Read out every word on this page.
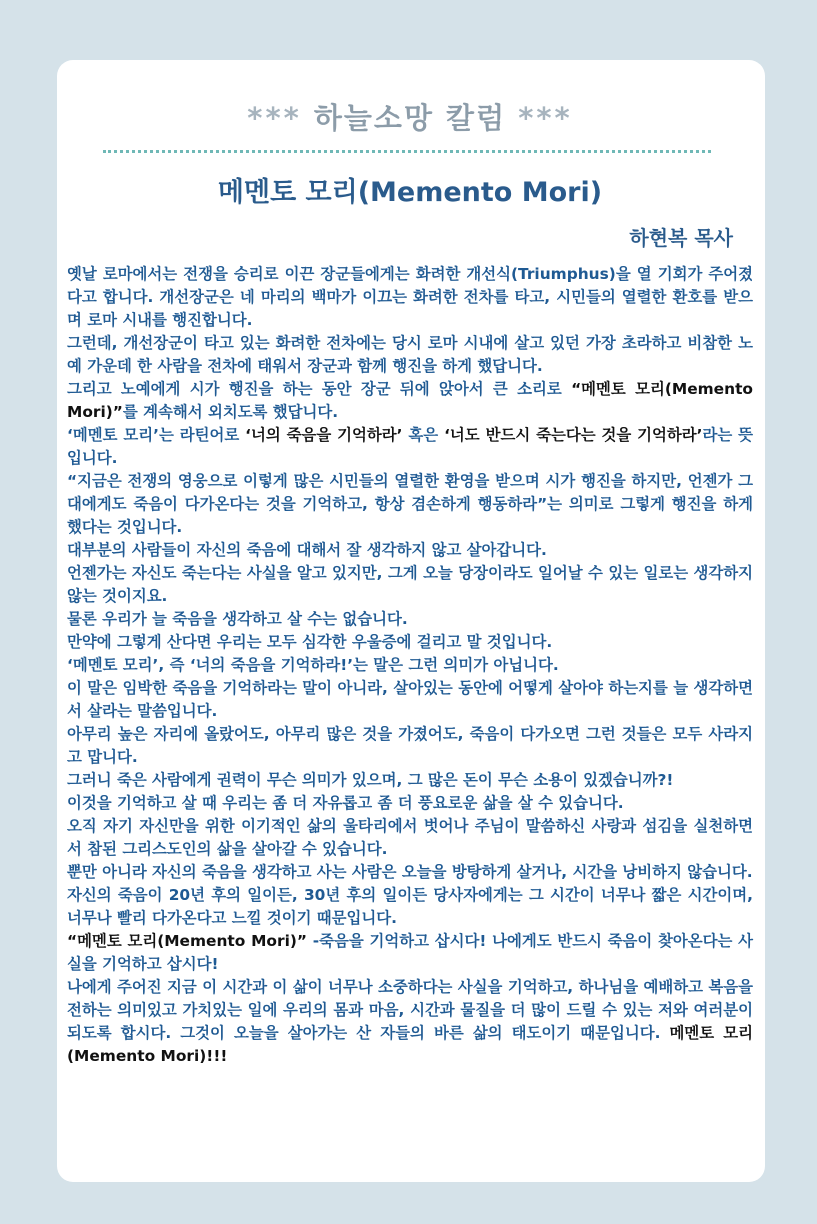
*** 하늘소망 칼럼 ***
메멘토 모리(Memento Mori)
하현복 목사

옛날 로마에서는 전쟁을 승리로 이끈 장군들에게는 화려한 개선식(Triumphus)을 열 기회가 주어졌다고 합니다. 개선장군은 네 마리의 백마가 이끄는 화려한 전차를 타고, 시민들의 열렬한 환호를 받으며 로마 시내를 행진합니다.

그런데, 개선장군이 타고 있는 화려한 전차에는 당시 로마 시내에 살고 있던 가장 초라하고 비참한 노예 가운데 한 사람을 전차에 태워서 장군과 함께 행진을 하게 했답니다.

그리고 노예에게 시가 행진을 하는 동안 장군 뒤에 앉아서 큰 소리로 “메멘토 모리(Memento Mori)”를 계속해서 외치도록 했답니다.

‘메멘토 모리’는 라틴어로 ‘너의 죽음을 기억하라’ 혹은 ‘너도 반드시 죽는다는 것을 기억하라’라는 뜻입니다.

“지금은 전쟁의 영웅으로 이렇게 많은 시민들의 열렬한 환영을 받으며 시가 행진을 하지만, 언젠가 그대에게도 죽음이 다가온다는 것을 기억하고, 항상 겸손하게 행동하라”는 의미로 그렇게 행진을 하게 했다는 것입니다.

대부분의 사람들이 자신의 죽음에 대해서 잘 생각하지 않고 살아갑니다.

언젠가는 자신도 죽는다는 사실을 알고 있지만, 그게 오늘 당장이라도 일어날 수 있는 일로는 생각하지 않는 것이지요.

물론 우리가 늘 죽음을 생각하고 살 수는 없습니다.

만약에 그렇게 산다면 우리는 모두 심각한 우울증에 걸리고 말 것입니다.

‘메멘토 모리’, 즉 ‘너의 죽음을 기억하라!’는 말은 그런 의미가 아닙니다.

이 말은 임박한 죽음을 기억하라는 말이 아니라, 살아있는 동안에 어떻게 살아야 하는지를 늘 생각하면서 살라는 말씀입니다.

아무리 높은 자리에 올랐어도, 아무리 많은 것을 가졌어도, 죽음이 다가오면 그런 것들은 모두 사라지고 맙니다.

그러니 죽은 사람에게 권력이 무슨 의미가 있으며, 그 많은 돈이 무슨 소용이 있겠습니까?!

이것을 기억하고 살 때 우리는 좀 더 자유롭고 좀 더 풍요로운 삶을 살 수 있습니다.

오직 자기 자신만을 위한 이기적인 삶의 울타리에서 벗어나 주님이 말씀하신 사랑과 섬김을 실천하면서 참된 그리스도인의 삶을 살아갈 수 있습니다.

뿐만 아니라 자신의 죽음을 생각하고 사는 사람은 오늘을 방탕하게 살거나, 시간을 낭비하지 않습니다.

자신의 죽음이 20년 후의 일이든, 30년 후의 일이든 당사자에게는 그 시간이 너무나 짧은 시간이며, 너무나 빨리 다가온다고 느낄 것이기 때문입니다.

“메멘토 모리(Memento Mori)” -죽음을 기억하고 삽시다! 나에게도 반드시 죽음이 찾아온다는 사실을 기억하고 삽시다!

나에게 주어진 지금 이 시간과 이 삶이 너무나 소중하다는 사실을 기억하고, 하나님을 예배하고 복음을 전하는 의미있고 가치있는 일에 우리의 몸과 마음, 시간과 물질을 더 많이 드릴 수 있는 저와 여러분이 되도록 합시다. 그것이 오늘을 살아가는 산 자들의 바른 삶의 태도이기 때문입니다. 메멘토 모리(Memento Mori)!!!
